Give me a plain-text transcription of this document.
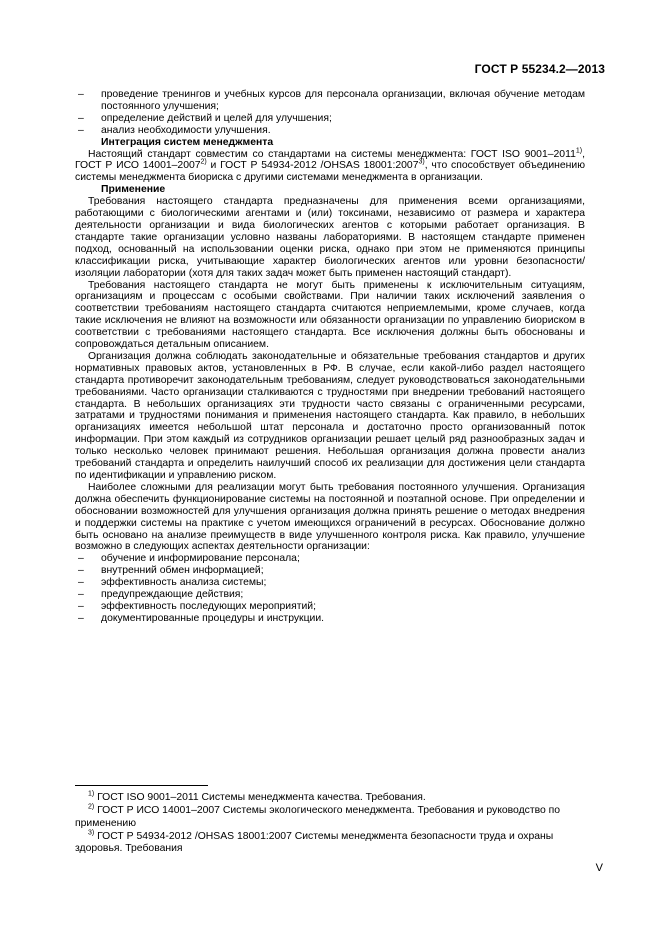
ГОСТ Р 55234.2—2013
–	проведение тренингов и учебных курсов для персонала организации, включая обучение методам постоянного улучшения;
–	определение действий и целей для улучшения;
–	анализ необходимости улучшения.

Интеграция систем менеджмента

Настоящий стандарт совместим со стандартами на системы менеджмента: ГОСТ ISO 9001–2011$^{1)}$, ГОСТ Р ИСО 14001–2007$^{2)}$ и ГОСТ Р 54934-2012 /OHSAS 18001:2007$^{3)}$, что способствует объединению системы менеджмента биориска с другими системами менеджмента в организации.

Применение

Требования настоящего стандарта предназначены для применения всеми организациями, работающими с биологическими агентами и (или) токсинами, независимо от размера и характера деятельности организации и вида биологических агентов с которыми работает организация. В стандарте такие организации условно названы лабораториями. В настоящем стандарте применен подход, основанный на использовании оценки риска, однако при этом не применяются принципы классификации риска, учитывающие характер биологических агентов или уровни безопасности/изоляции лаборатории (хотя для таких задач может быть применен настоящий стандарт).

Требования настоящего стандарта не могут быть применены к исключительным ситуациям, организациям и процессам с особыми свойствами. При наличии таких исключений заявления о соответствии требованиям настоящего стандарта считаются неприемлемыми, кроме случаев, когда такие исключения не влияют на возможности или обязанности организации по управлению биориском в соответствии с требованиями настоящего стандарта. Все исключения должны быть обоснованы и сопровождаться детальным описанием.

Организация должна соблюдать законодательные и обязательные требования стандартов и других нормативных правовых актов, установленных в РФ. В случае, если какой-либо раздел настоящего стандарта противоречит законодательным требованиям, следует руководствоваться законодательными требованиями. Часто организации сталкиваются с трудностями при внедрении требований настоящего стандарта. В небольших организациях эти трудности часто связаны с ограниченными ресурсами, затратами и трудностями понимания и применения настоящего стандарта. Как правило, в небольших организациях имеется небольшой штат персонала и достаточно просто организованный поток информации. При этом каждый из сотрудников организации решает целый ряд разнообразных задач и только несколько человек принимают решения. Небольшая организация должна провести анализ требований стандарта и определить наилучший способ их реализации для достижения цели стандарта по идентификации и управлению риском.

Наиболее сложными для реализации могут быть требования постоянного улучшения. Организация должна обеспечить функционирование системы на постоянной и поэтапной основе. При определении и обосновании возможностей для улучшения организация должна принять решение о методах внедрения и поддержки системы на практике с учетом имеющихся ограничений в ресурсах. Обоснование должно быть основано на анализе преимуществ в виде улучшенного контроля риска. Как правило, улучшение возможно в следующих аспектах деятельности организации:

–	обучение и информирование персонала;
–	внутренний обмен информацией;
–	эффективность анализа системы;
–	предупреждающие действия;
–	эффективность последующих мероприятий;
–	документированные процедуры и инструкции.

$^{1)}$ ГОСТ ISO 9001–2011 Системы менеджмента качества. Требования.

$^{2)}$ ГОСТ Р ИСО 14001–2007 Системы экологического менеджмента. Требования и руководство по применению

$^{3)}$ ГОСТ Р 54934-2012 /OHSAS 18001:2007 Системы менеджмента безопасности труда и охраны здоровья. Требования

V
